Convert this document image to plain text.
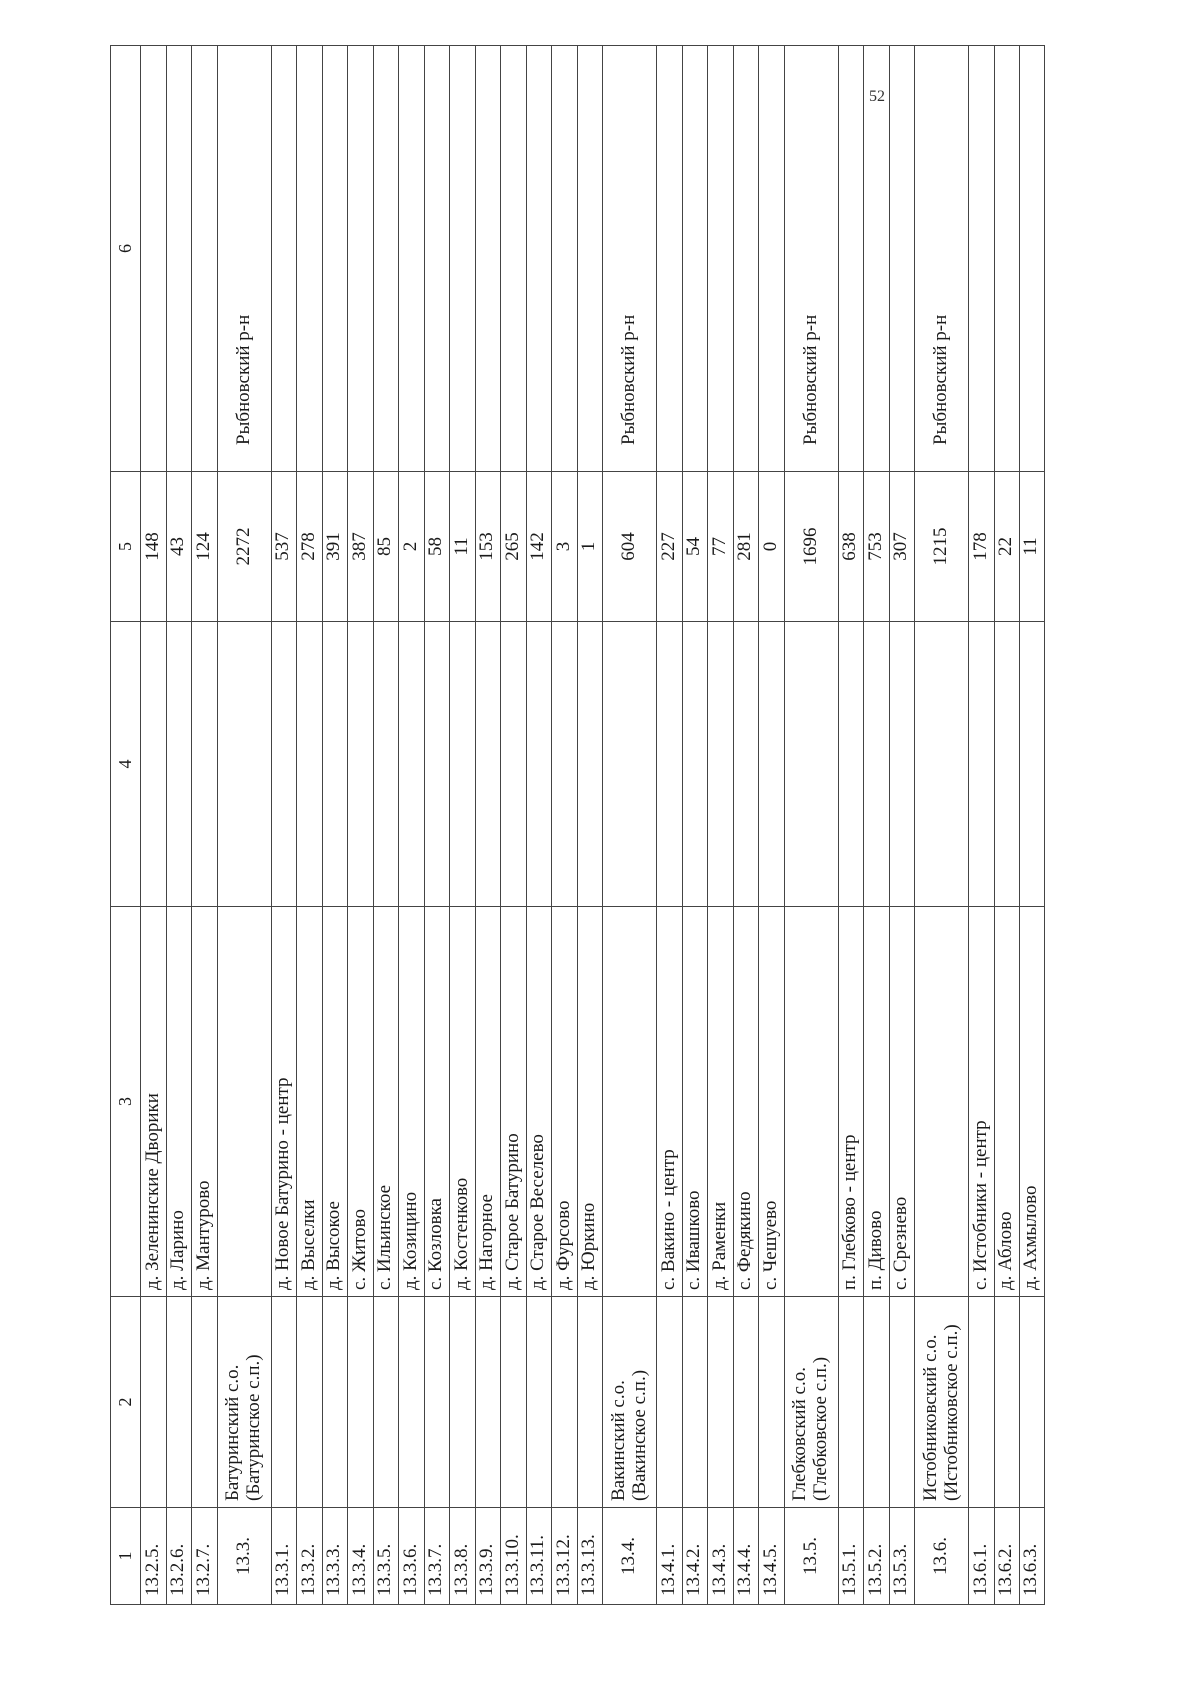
52
1
2
3
4
5
6
13.2.5.
д. Зеленинские Дворики
148
13.2.6.
д. Ларино
43
13.2.7.
д. Мантурово
124
13.3.
Батуринский с.о. (Батуринское с.п.)
2272
Рыбновский р-н
13.3.1.
д. Новое Батурино - центр
537
13.3.2.
д. Выселки
278
13.3.3.
д. Высокое
391
13.3.4.
с. Житово
387
13.3.5.
с. Ильинское
85
13.3.6.
д. Козицино
2
13.3.7.
с. Козловка
58
13.3.8.
д. Костенково
11
13.3.9.
д. Нагорное
153
13.3.10.
д. Старое Батурино
265
13.3.11.
д. Старое Веселево
142
13.3.12.
д. Фурсово
3
13.3.13.
д. Юркино
1
13.4.
Вакинский с.о. (Вакинское с.п.)
604
Рыбновский р-н
13.4.1.
с. Вакино - центр
227
13.4.2.
с. Ивашково
54
13.4.3.
д. Раменки
77
13.4.4.
с. Федякино
281
13.4.5.
с. Чешуево
0
13.5.
Глебковский с.о. (Глебковское с.п.)
1696
Рыбновский р-н
13.5.1.
п. Глебково - центр
638
13.5.2.
п. Дивово
753
13.5.3.
с. Срезнево
307
13.6.
Истобниковский с.о. (Истобниковское с.п.)
1215
Рыбновский р-н
13.6.1.
с. Истобники - центр
178
13.6.2.
д. Аблово
22
13.6.3.
д. Ахмылово
11
